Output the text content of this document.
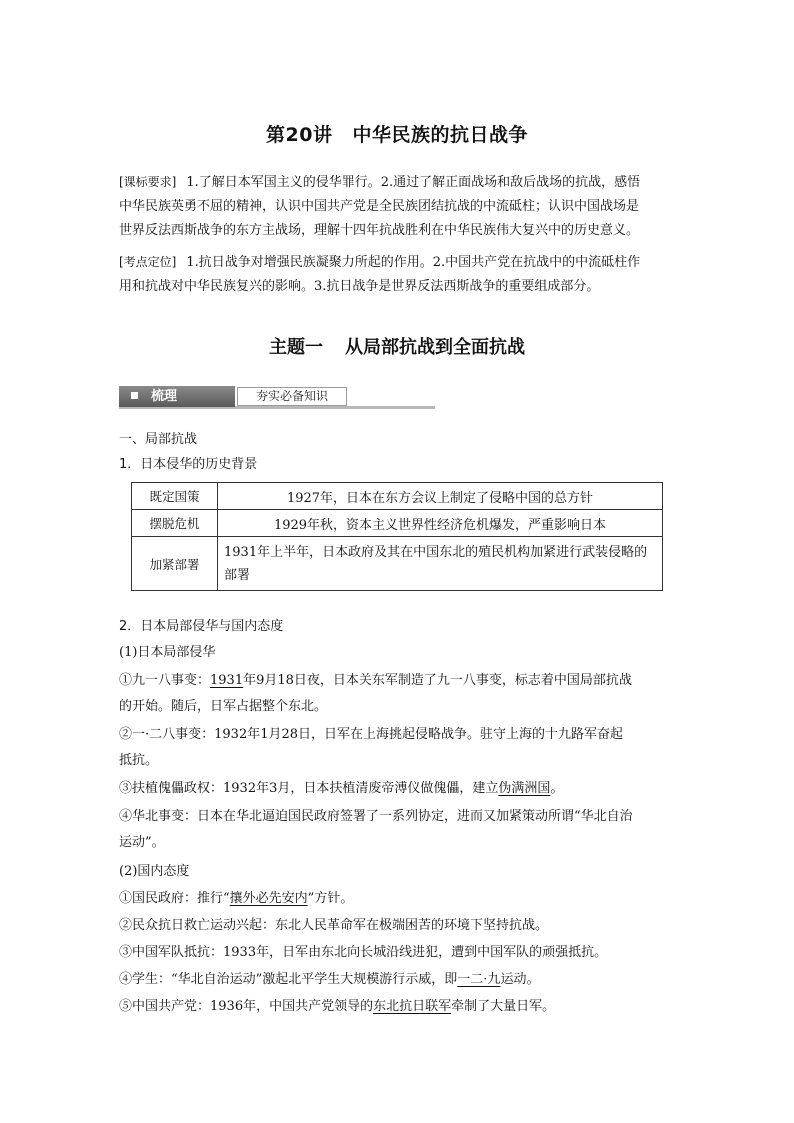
第20讲 中华民族的抗日战争
[课标要求] 1.了解日本军国主义的侵华罪行。2.通过了解正面战场和敌后战场的抗战，感悟
中华民族英勇不屈的精神，认识中国共产党是全民族团结抗战的中流砥柱；认识中国战场是
世界反法西斯战争的东方主战场，理解十四年抗战胜利在中华民族伟大复兴中的历史意义。
[考点定位] 1.抗日战争对增强民族凝聚力所起的作用。2.中国共产党在抗战中的中流砥柱作
用和抗战对中华民族复兴的影响。3.抗日战争是世界反法西斯战争的重要组成部分。
主题一 从局部抗战到全面抗战
梳理	夯实必备知识
一、局部抗战
1．日本侵华的历史背景
既定国策	1927年，日本在东方会议上制定了侵略中国的总方针
摆脱危机	1929年秋，资本主义世界性经济危机爆发，严重影响日本
加紧部署	1931年上半年，日本政府及其在中国东北的殖民机构加紧进行武装侵略的部署
2．日本局部侵华与国内态度
(1)日本局部侵华
①九一八事变：1931年9月18日夜，日本关东军制造了九一八事变，标志着中国局部抗战
的开始。随后，日军占据整个东北。
②一·二八事变：1932年1月28日，日军在上海挑起侵略战争。驻守上海的十九路军奋起
抵抗。
③扶植傀儡政权：1932年3月，日本扶植清废帝溥仪做傀儡，建立伪满洲国。
④华北事变：日本在华北逼迫国民政府签署了一系列协定，进而又加紧策动所谓“华北自治
运动”。
(2)国内态度
①国民政府：推行“攘外必先安内”方针。
②民众抗日救亡运动兴起：东北人民革命军在极端困苦的环境下坚持抗战。
③中国军队抵抗：1933年，日军由东北向长城沿线进犯，遭到中国军队的顽强抵抗。
④学生：“华北自治运动”激起北平学生大规模游行示威，即一二·九运动。
⑤中国共产党：1936年，中国共产党领导的东北抗日联军牵制了大量日军。
